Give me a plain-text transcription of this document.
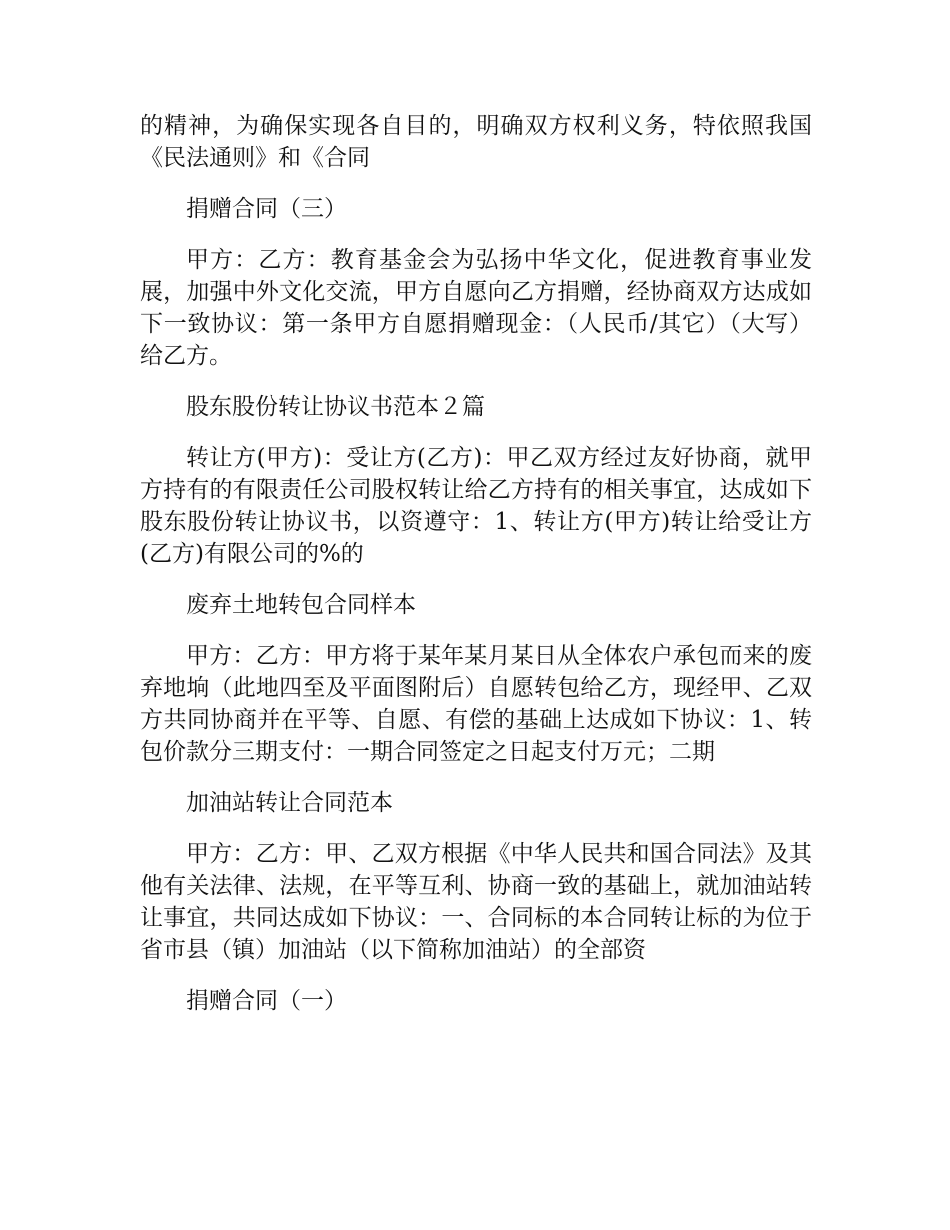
的精神，为确保实现各自目的，明确双方权利义务，特依照我国《民法通则》和《合同

捐赠合同（三）

甲方：乙方：教育基金会为弘扬中华文化，促进教育事业发展，加强中外文化交流，甲方自愿向乙方捐赠，经协商双方达成如下一致协议：第一条甲方自愿捐赠现金：（人民币/其它）（大写）给乙方。

股东股份转让协议书范本２篇

转让方(甲方)：受让方(乙方)：甲乙双方经过友好协商，就甲方持有的有限责任公司股权转让给乙方持有的相关事宜，达成如下股东股份转让协议书，以资遵守：1、转让方(甲方)转让给受让方(乙方)有限公司的%的

废弃土地转包合同样本

甲方：乙方：甲方将于某年某月某日从全体农户承包而来的废弃地垧（此地四至及平面图附后）自愿转包给乙方，现经甲、乙双方共同协商并在平等、自愿、有偿的基础上达成如下协议：1、转包价款分三期支付：一期合同签定之日起支付万元；二期

加油站转让合同范本

甲方：乙方：甲、乙双方根据《中华人民共和国合同法》及其他有关法律、法规，在平等互利、协商一致的基础上，就加油站转让事宜，共同达成如下协议：一、合同标的本合同转让标的为位于省市县（镇）加油站（以下简称加油站）的全部资

捐赠合同（一）
